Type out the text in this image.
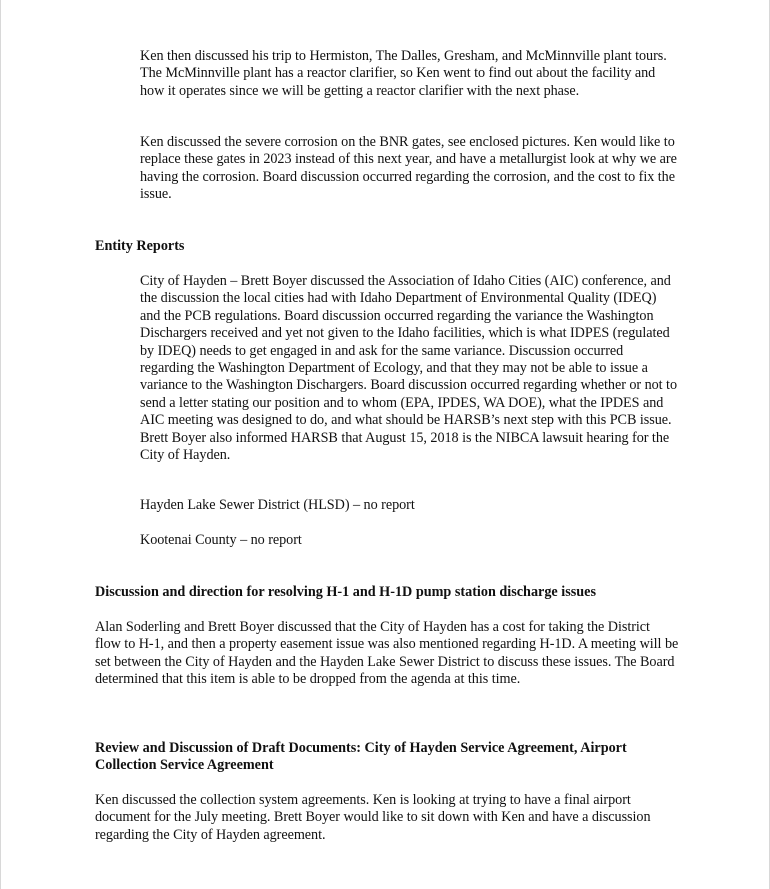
Ken then discussed his trip to Hermiston, The Dalles, Gresham, and McMinnville plant tours. The McMinnville plant has a reactor clarifier, so Ken went to find out about the facility and how it operates since we will be getting a reactor clarifier with the next phase.

Ken discussed the severe corrosion on the BNR gates, see enclosed pictures. Ken would like to replace these gates in 2023 instead of this next year, and have a metallurgist look at why we are having the corrosion. Board discussion occurred regarding the corrosion, and the cost to fix the issue.

Entity Reports

City of Hayden – Brett Boyer discussed the Association of Idaho Cities (AIC) conference, and the discussion the local cities had with Idaho Department of Environmental Quality (IDEQ) and the PCB regulations. Board discussion occurred regarding the variance the Washington Dischargers received and yet not given to the Idaho facilities, which is what IDPES (regulated by IDEQ) needs to get engaged in and ask for the same variance. Discussion occurred regarding the Washington Department of Ecology, and that they may not be able to issue a variance to the Washington Dischargers. Board discussion occurred regarding whether or not to send a letter stating our position and to whom (EPA, IPDES, WA DOE), what the IPDES and AIC meeting was designed to do, and what should be HARSB’s next step with this PCB issue. Brett Boyer also informed HARSB that August 15, 2018 is the NIBCA lawsuit hearing for the City of Hayden.

Hayden Lake Sewer District (HLSD) – no report

Kootenai County – no report

Discussion and direction for resolving H-1 and H-1D pump station discharge issues

Alan Soderling and Brett Boyer discussed that the City of Hayden has a cost for taking the District flow to H-1, and then a property easement issue was also mentioned regarding H-1D. A meeting will be set between the City of Hayden and the Hayden Lake Sewer District to discuss these issues. The Board determined that this item is able to be dropped from the agenda at this time.

Review and Discussion of Draft Documents: City of Hayden Service Agreement, Airport Collection Service Agreement

Ken discussed the collection system agreements. Ken is looking at trying to have a final airport document for the July meeting. Brett Boyer would like to sit down with Ken and have a discussion regarding the City of Hayden agreement.
